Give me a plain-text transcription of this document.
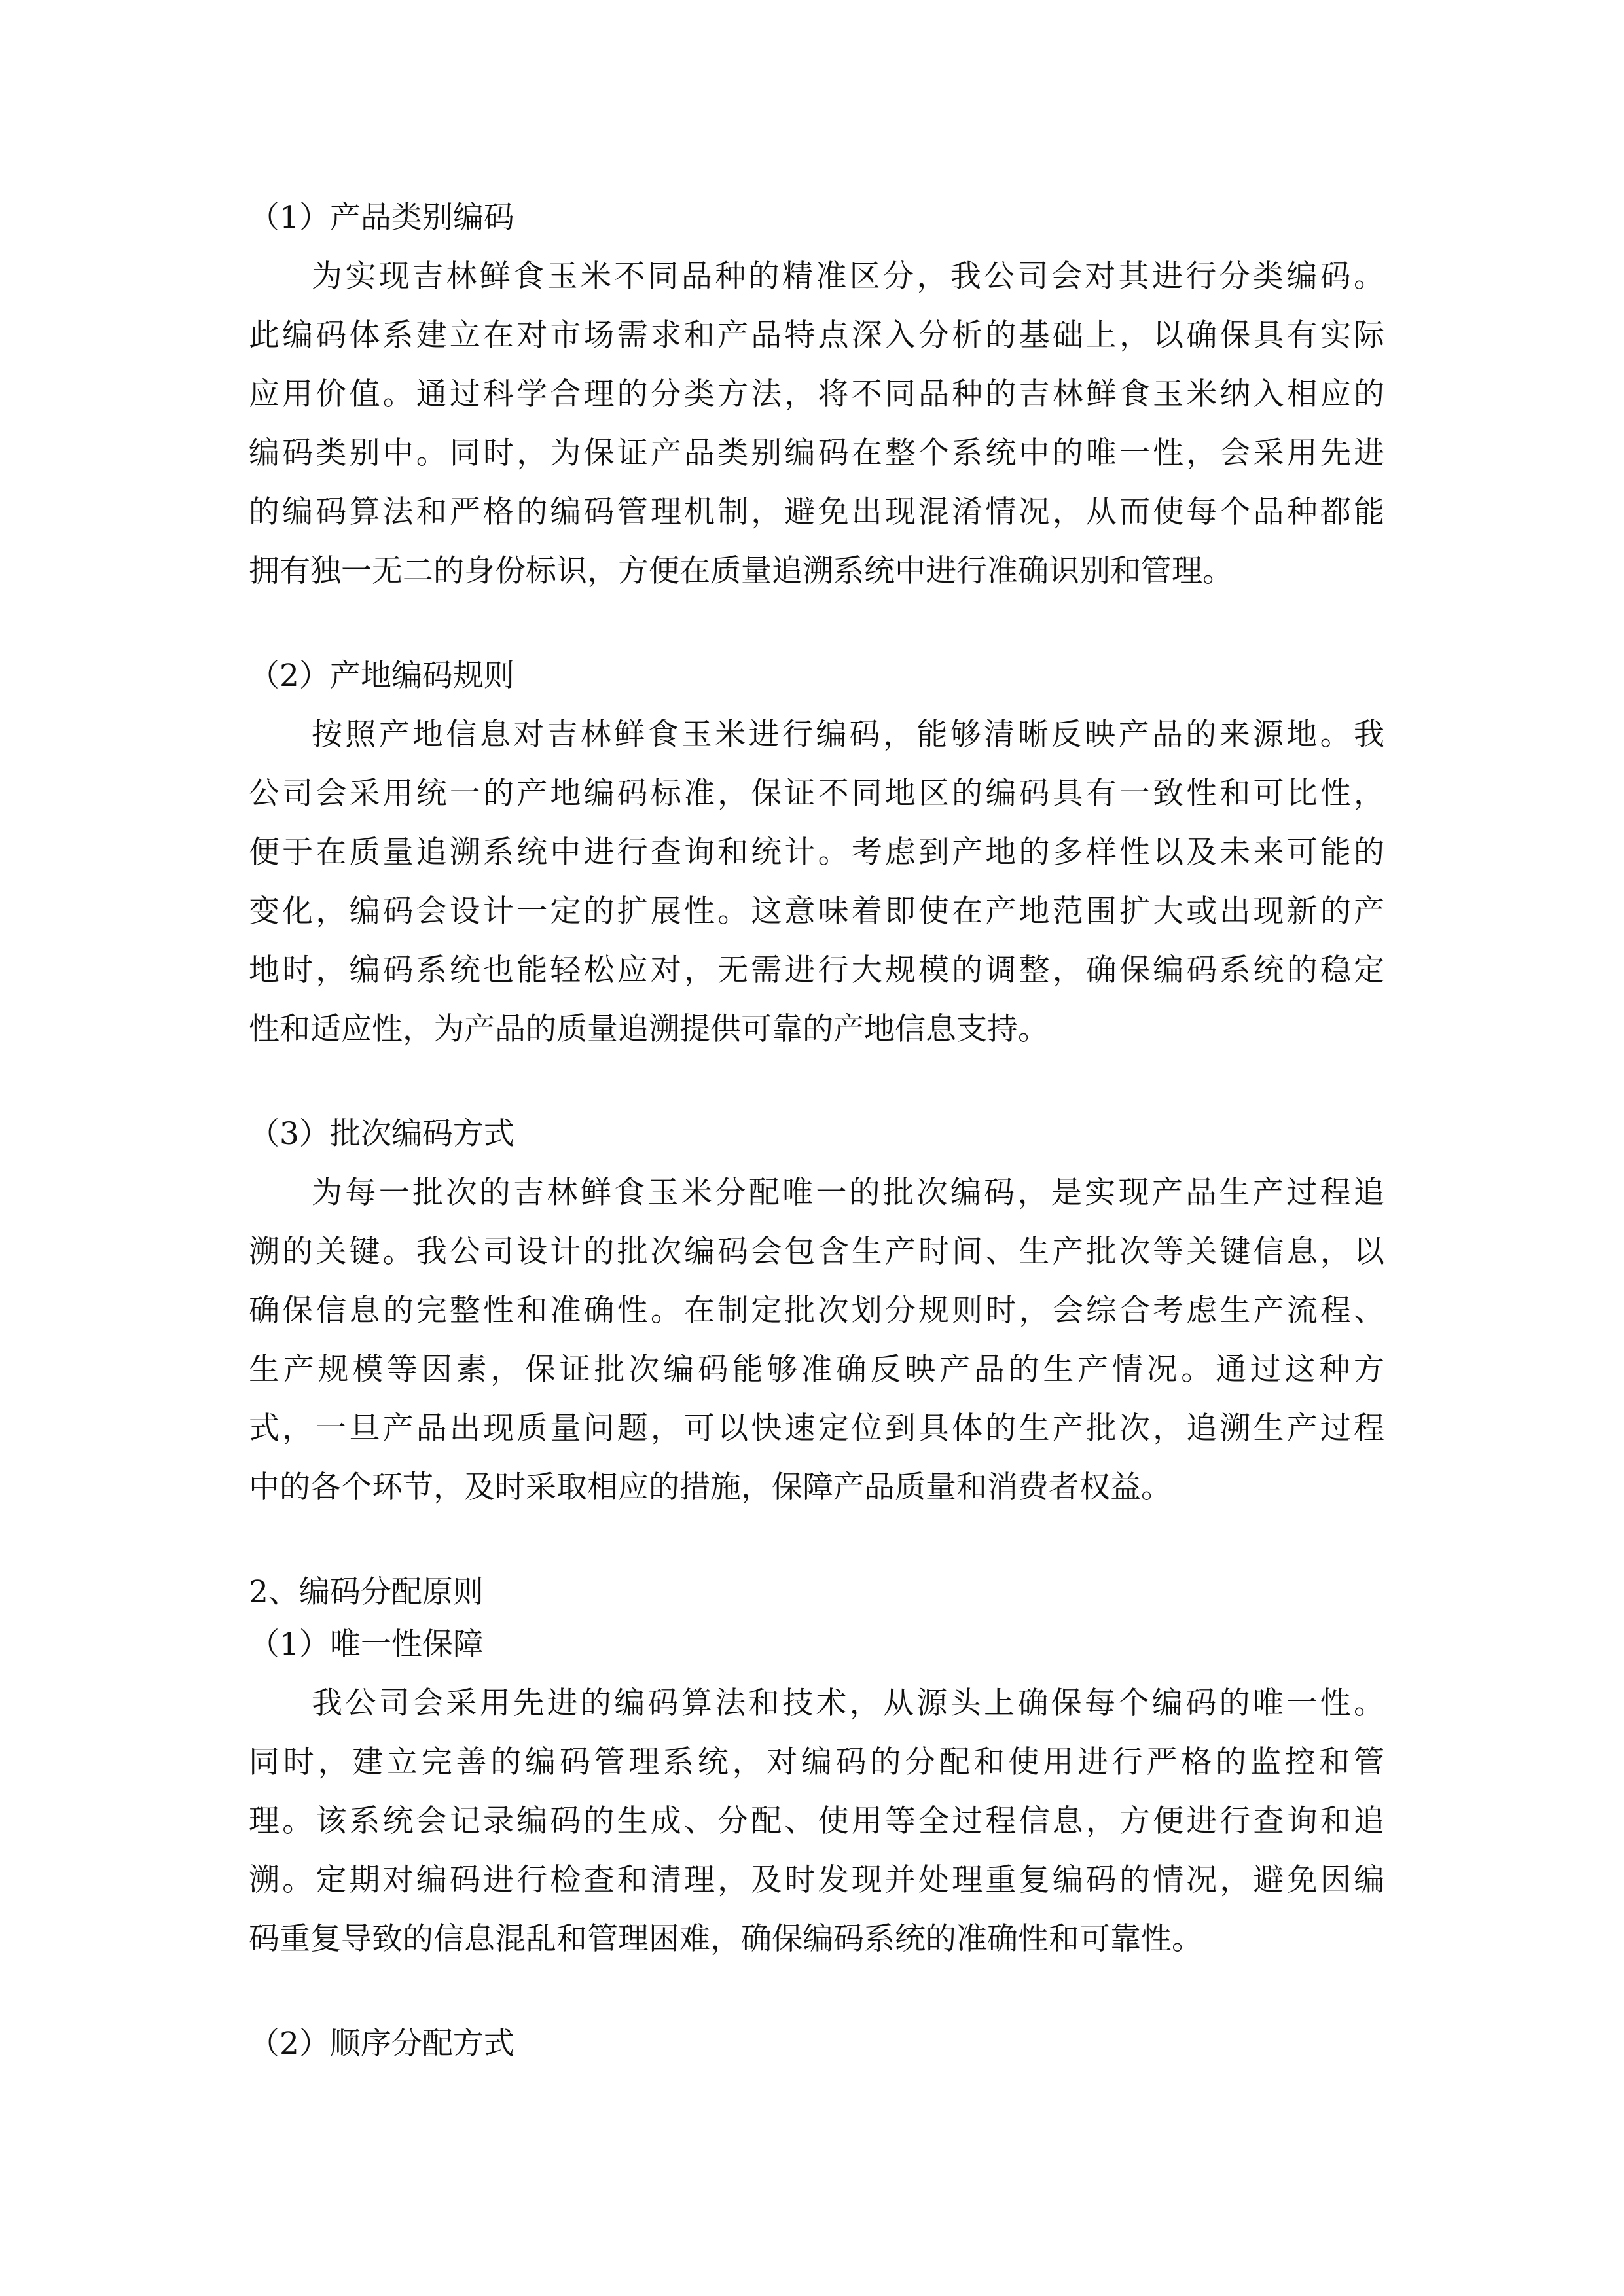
（1）产品类别编码
为实现吉林鲜食玉米不同品种的精准区分，我公司会对其进行分类编码。
此编码体系建立在对市场需求和产品特点深入分析的基础上，以确保具有实际
应用价值。通过科学合理的分类方法，将不同品种的吉林鲜食玉米纳入相应的
编码类别中。同时，为保证产品类别编码在整个系统中的唯一性，会采用先进
的编码算法和严格的编码管理机制，避免出现混淆情况，从而使每个品种都能
拥有独一无二的身份标识，方便在质量追溯系统中进行准确识别和管理。
（2）产地编码规则
按照产地信息对吉林鲜食玉米进行编码，能够清晰反映产品的来源地。我
公司会采用统一的产地编码标准，保证不同地区的编码具有一致性和可比性，
便于在质量追溯系统中进行查询和统计。考虑到产地的多样性以及未来可能的
变化，编码会设计一定的扩展性。这意味着即使在产地范围扩大或出现新的产
地时，编码系统也能轻松应对，无需进行大规模的调整，确保编码系统的稳定
性和适应性，为产品的质量追溯提供可靠的产地信息支持。
（3）批次编码方式
为每一批次的吉林鲜食玉米分配唯一的批次编码，是实现产品生产过程追
溯的关键。我公司设计的批次编码会包含生产时间、生产批次等关键信息，以
确保信息的完整性和准确性。在制定批次划分规则时，会综合考虑生产流程、
生产规模等因素，保证批次编码能够准确反映产品的生产情况。通过这种方
式，一旦产品出现质量问题，可以快速定位到具体的生产批次，追溯生产过程
中的各个环节，及时采取相应的措施，保障产品质量和消费者权益。
2、编码分配原则
（1）唯一性保障
我公司会采用先进的编码算法和技术，从源头上确保每个编码的唯一性。
同时，建立完善的编码管理系统，对编码的分配和使用进行严格的监控和管
理。该系统会记录编码的生成、分配、使用等全过程信息，方便进行查询和追
溯。定期对编码进行检查和清理，及时发现并处理重复编码的情况，避免因编
码重复导致的信息混乱和管理困难，确保编码系统的准确性和可靠性。
（2）顺序分配方式
